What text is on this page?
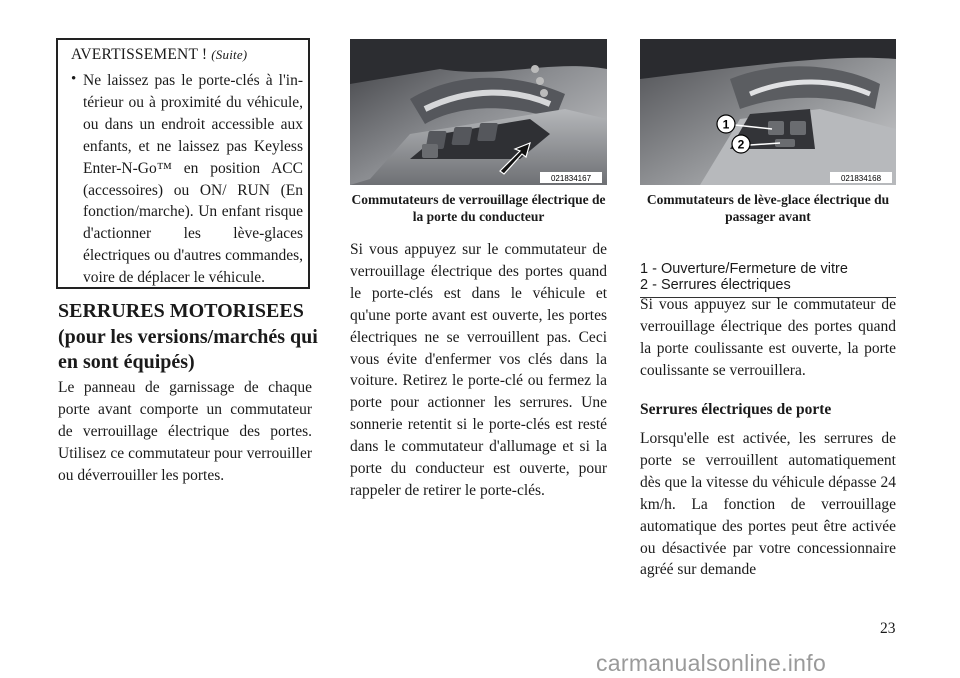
AVERTISSEMENT ! (Suite)
• Ne laissez pas le porte-clés à l'intérieur ou à proximité du véhicule, ou dans un endroit accessible aux enfants, et ne laissez pas Keyless Enter-N-Go™ en position ACC (accessoires) ou ON/ RUN (En fonction/marche). Un enfant risque d'actionner les lève-glaces électriques ou d'autres commandes, voire de déplacer le véhicule.
SERRURES MOTORISEES (pour les versions/marchés qui en sont équipés)
Le panneau de garnissage de chaque porte avant comporte un commutateur de verrouillage électrique des portes. Utilisez ce commutateur pour verrouiller ou déverrouiller les portes.
021834167
Commutateurs de verrouillage électrique de la porte du conducteur
Si vous appuyez sur le commutateur de verrouillage électrique des portes quand le porte-clés est dans le véhicule et qu'une porte avant est ouverte, les portes électriques ne se verrouillent pas. Ceci vous évite d'enfermer vos clés dans la voiture. Retirez le porte-clé ou fermez la porte pour actionner les serrures. Une sonnerie retentit si le porte-clés est resté dans le commutateur d'allumage et si la porte du conducteur est ouverte, pour rappeler de retirer le porte-clés.
1
2
021834168
Commutateurs de lève-glace électrique du passager avant
1 - Ouverture/Fermeture de vitre
2 - Serrures électriques
Si vous appuyez sur le commutateur de verrouillage électrique des portes quand la porte coulissante est ouverte, la porte coulissante se verrouillera.
Serrures électriques de porte
Lorsqu'elle est activée, les serrures de porte se verrouillent automatiquement dès que la vitesse du véhicule dépasse 24 km/h. La fonction de verrouillage automatique des portes peut être activée ou désactivée par votre concessionnaire agréé sur demande
23
carmanualsonline.info
